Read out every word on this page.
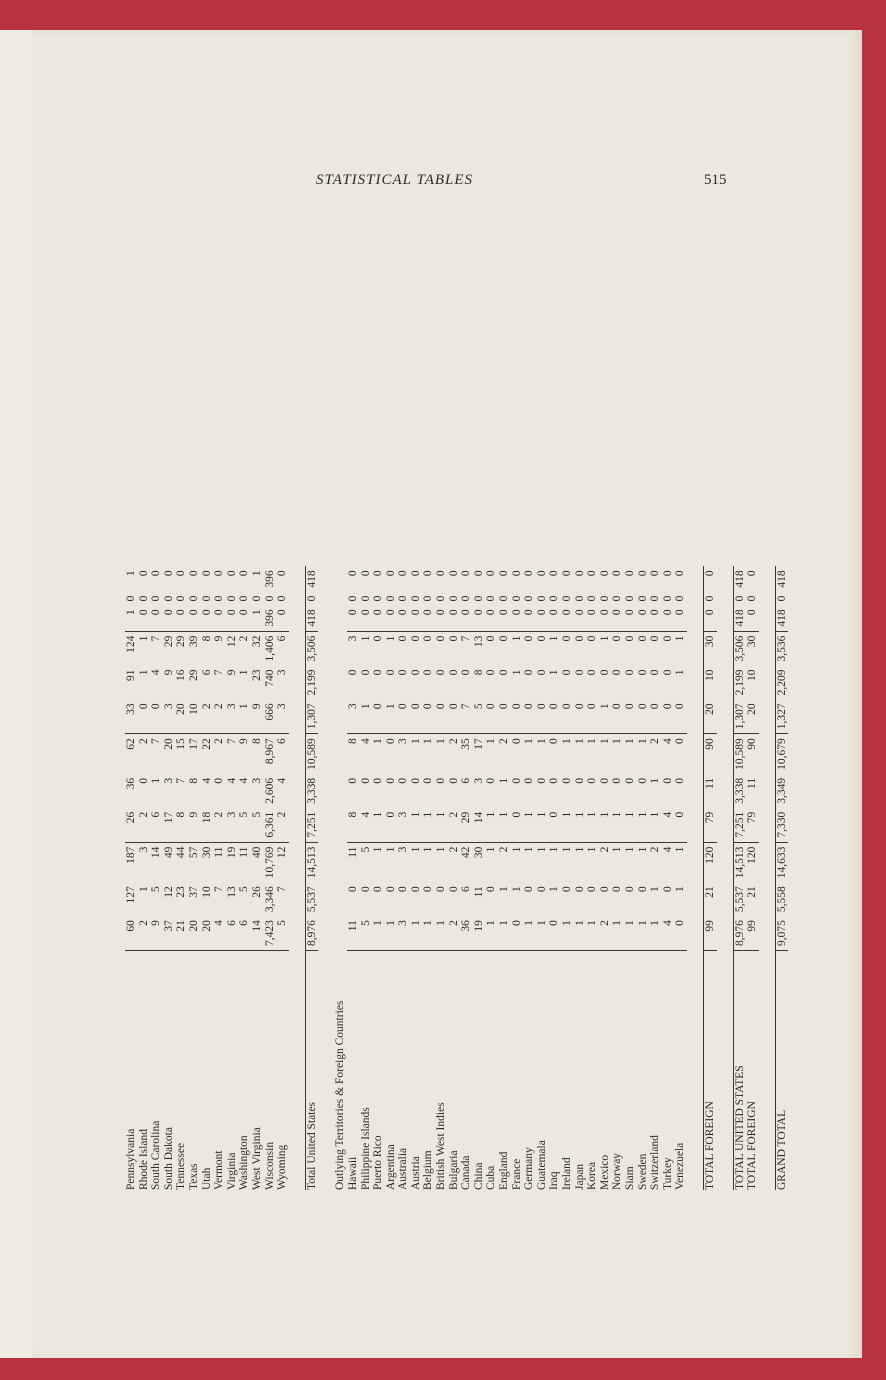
STATISTICAL TABLES	515
Pennsylvania	60	127	187	26	36	62	33	91	124	1	0	1
Rhode Island	2	1	3	2	0	2	0	1	1	0	0	0
South Carolina	9	5	14	6	1	7	0	4	7	0	0	0
South Dakota	37	12	49	17	3	20	3	9	29	0	0	0
Tennessee	21	23	44	8	7	15	20	16	29	0	0	0
Texas	20	37	57	9	8	17	10	29	39	0	0	0
Utah	20	10	30	18	4	22	2	6	8	0	0	0
Vermont	4	7	11	2	0	2	2	7	9	0	0	0
Virginia	6	13	19	3	4	7	3	9	12	0	0	0
Washington	6	5	11	5	4	9	1	1	2	0	0	0
West Virginia	14	26	40	5	3	8	9	23	32	1	0	1
Wisconsin	7,423	3,346	10,769	6,361	2,606	8,967	666	740	1,406	396	0	396
Wyoming	5	7	12	2	4	6	3	3	6	0	0	0

Total United States	8,976	5,537	14,513	7,251	3,338	10,589	1,307	2,199	3,506	418	0	418

Outlying Territories & Foreign Countries												
Hawaii	11	0	11	8	0	8	3	0	3	0	0	0
Philippine Islands	5	0	5	4	0	4	1	0	1	0	0	0
Puerto Rico	1	0	1	1	0	1	0	0	0	0	0	0
Argentina	1	0	1	0	0	0	1	0	1	0	0	0
Australia	3	0	3	3	0	3	0	0	0	0	0	0
Austria	1	0	1	1	0	1	0	0	0	0	0	0
Belgium	1	0	1	1	0	1	0	0	0	0	0	0
British West Indies	1	0	1	1	0	1	0	0	0	0	0	0
Bulgaria	2	0	2	2	0	2	0	0	0	0	0	0
Canada	36	6	42	29	6	35	7	0	7	0	0	0
China	19	11	30	14	3	17	5	8	13	0	0	0
Cuba	1	0	1	1	0	1	0	0	0	0	0	0
England	1	1	2	1	1	2	0	0	0	0	0	0
France	0	1	1	0	0	0	0	1	1	0	0	0
Germany	1	0	1	1	0	1	0	0	0	0	0	0
Guatemala	1	0	1	1	0	1	0	0	0	0	0	0
Iraq	0	1	1	0	0	0	0	1	1	0	0	0
Ireland	1	0	1	1	0	1	0	0	0	0	0	0
Japan	1	0	1	1	0	1	0	0	0	0	0	0
Korea	1	0	1	1	0	1	0	0	0	0	0	0
Mexico	2	0	2	1	0	1	1	0	1	0	0	0
Norway	1	0	1	1	0	1	0	0	0	0	0	0
Siam	1	0	1	1	0	1	0	0	0	0	0	0
Sweden	1	0	1	1	0	1	0	0	0	0	0	0
Switzerland	1	1	2	1	1	2	0	0	0	0	0	0
Turkey	4	0	4	4	0	4	0	0	0	0	0	0
Venezuela	0	1	1	0	0	0	0	1	1	0	0	0

TOTAL FOREIGN	99	21	120	79	11	90	20	10	30	0	0	0

TOTAL UNITED STATES	8,976	5,537	14,513	7,251	3,338	10,589	1,307	2,199	3,506	418	0	418
TOTAL FOREIGN	99	21	120	79	11	90	20	10	30	0	0	0

GRAND TOTAL	9,075	5,558	14,633	7,330	3,349	10,679	1,327	2,209	3,536	418	0	418
